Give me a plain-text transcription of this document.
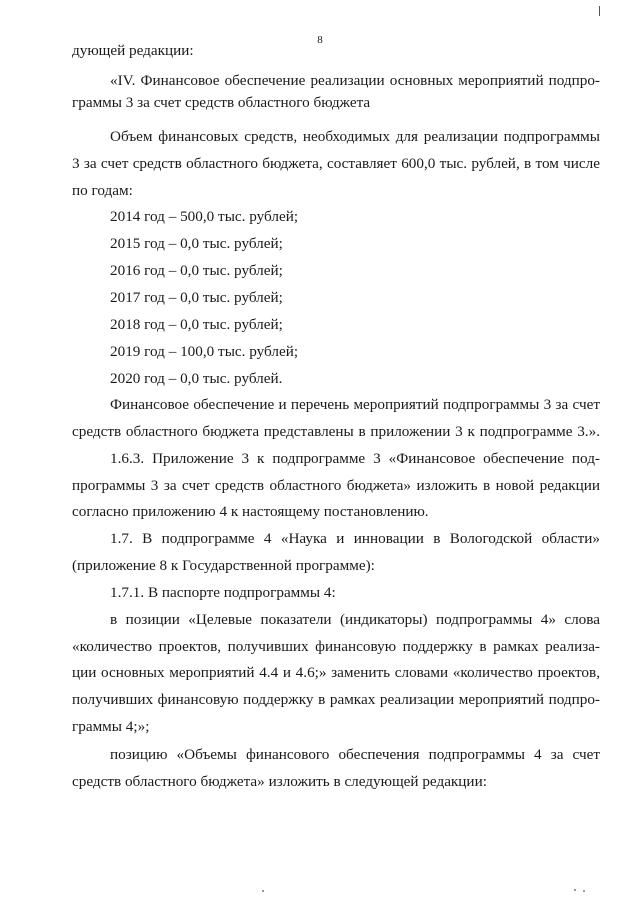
8
дующей редакции:
«IV. Финансовое обеспечение реализации основных мероприятий подпро-
граммы 3 за счет средств областного бюджета
Объем финансовых средств, необходимых для реализации подпрограммы
3 за счет средств областного бюджета, составляет 600,0 тыс. рублей, в том числе
по годам:
2014 год – 500,0 тыс. рублей;
2015 год – 0,0 тыс. рублей;
2016 год – 0,0 тыс. рублей;
2017 год – 0,0 тыс. рублей;
2018 год – 0,0 тыс. рублей;
2019 год – 100,0 тыс. рублей;
2020 год – 0,0 тыс. рублей.
Финансовое обеспечение и перечень мероприятий подпрограммы 3 за счет
средств областного бюджета представлены в приложении 3 к подпрограмме 3.».
1.6.3. Приложение 3 к подпрограмме 3 «Финансовое обеспечение под-
программы 3 за счет средств областного бюджета» изложить в новой редакции
согласно приложению 4 к настоящему постановлению.
1.7. В подпрограмме 4 «Наука и инновации в Вологодской области»
(приложение 8 к Государственной программе):
1.7.1. В паспорте подпрограммы 4:
в позиции «Целевые показатели (индикаторы) подпрограммы 4» слова
«количество проектов, получивших финансовую поддержку в рамках реализа-
ции основных мероприятий 4.4 и 4.6;» заменить словами «количество проектов,
получивших финансовую поддержку в рамках реализации мероприятий подпро-
граммы 4;»;
позицию «Объемы финансового обеспечения подпрограммы 4 за счет
средств областного бюджета» изложить в следующей редакции:
